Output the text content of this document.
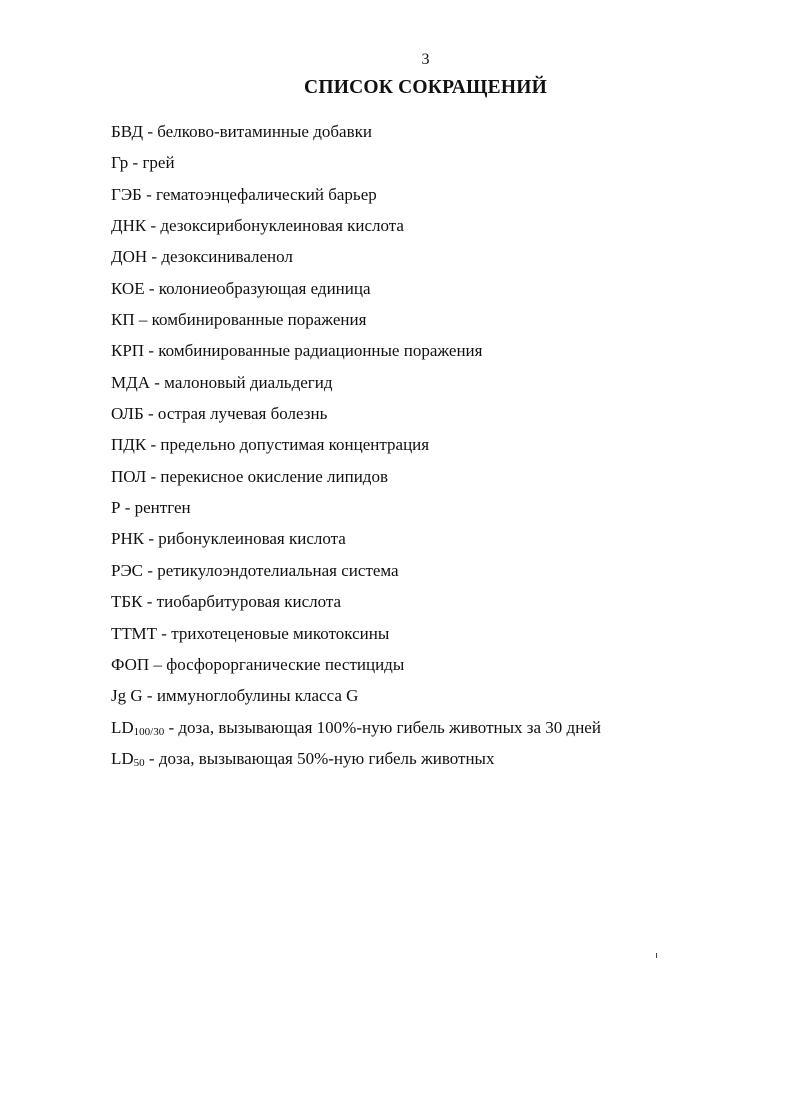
3
СПИСОК СОКРАЩЕНИЙ
БВД - белково-витаминные добавки
Гр - грей
ГЭБ - гематоэнцефалический барьер
ДНК - дезоксирибонуклеиновая кислота
ДОН - дезоксиниваленол
КОЕ - колониеобразующая единица
КП – комбинированные поражения
КРП - комбинированные радиационные поражения
МДА - малоновый диальдегид
ОЛБ - острая лучевая болезнь
ПДК - предельно допустимая концентрация
ПОЛ - перекисное окисление липидов
Р - рентген
РНК - рибонуклеиновая кислота
РЭС - ретикулоэндотелиальная система
ТБК - тиобарбитуровая кислота
ТТМТ - трихотеценовые микотоксины
ФОП – фосфорорганические пестициды
Jg G - иммуноглобулины класса G
$LD_{100/30}$ - доза, вызывающая 100%-ную гибель животных за 30 дней
$LD_{50}$ - доза, вызывающая 50%-ную гибель животных
